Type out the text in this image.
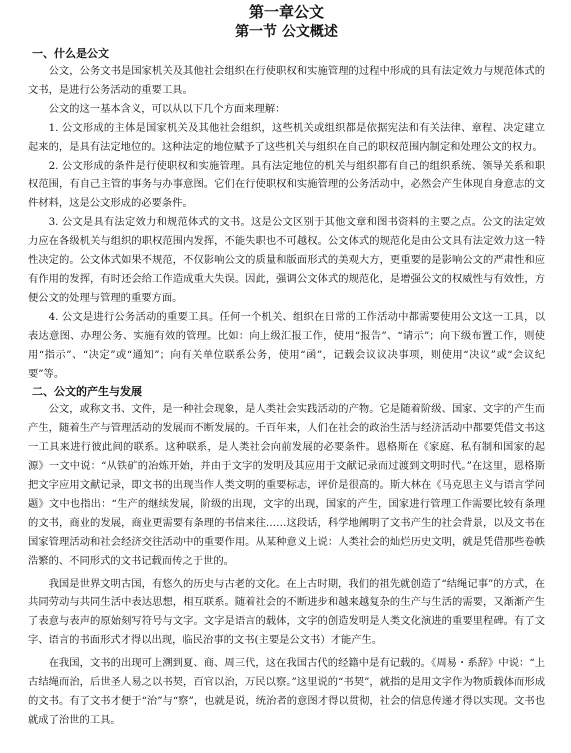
第一章公文
第一节 公文概述
一、什么是公文

公文，公务文书是国家机关及其他社会组织在行使职权和实施管理的过程中形成的具有法定效力与规范体式的文书，是进行公务活动的重要工具。

公文的这一基本含义，可以从以下几个方面来理解：

1. 公文形成的主体是国家机关及其他社会组织，这些机关或组织都是依据宪法和有关法律、章程、决定建立起来的，是具有法定地位的。这种法定的地位赋予了这些机关与组织在自己的职权范围内制定和处理公文的权力。

2. 公文形成的条件是行使职权和实施管理。具有法定地位的机关与组织都有自己的组织系统、领导关系和职权范围，有自己主管的事务与办事意图。它们在行使职权和实施管理的公务活动中，必然会产生体现自身意志的文件材料，这是公文形成的必要条件。

3. 公文是具有法定效力和规范体式的文书。这是公文区别于其他文章和图书资料的主要之点。公文的法定效力应在各级机关与组织的职权范围内发挥，不能失职也不可越权。公文体式的规范化是由公文具有法定效力这一特性决定的。公文体式如果不规范，不仅影响公文的质量和版面形式的美观大方，更重要的是影响公文的严肃性和应有作用的发挥，有时还会给工作造成重大失误。因此，强调公文体式的规范化，是增强公文的权威性与有效性，方便公文的处理与管理的重要方面。

4. 公文是进行公务活动的重要工具。任何一个机关、组织在日常的工作活动中都需要使用公文这一工具，以表达意图、办理公务、实施有效的管理。比如：向上级汇报工作，使用“报告”、“请示”；向下级布置工作，则使用“指示”、“决定”或“通知”；向有关单位联系公务，使用“函”，记载会议议决事项，则使用“决议”或“会议纪要”等。

二、公文的产生与发展

公文，或称文书、文件，是一种社会现象，是人类社会实践活动的产物。它是随着阶级、国家、文字的产生而产生，随着生产与管理活动的发展而不断发展的。千百年来，人们在社会的政治生活与经济活动中都要凭借文书这一工具来进行彼此间的联系。这种联系，是人类社会向前发展的必要条件。恩格斯在《家庭、私有制和国家的起源》一文中说：“从铁矿的冶炼开始，并由于文字的发明及其应用于文献记录而过渡到文明时代。”在这里，恩格斯把文字应用文献记录，即文书的出现当作人类文明的重要标志，评价是很高的。斯大林在《马克思主义与语言学问题》文中也指出：“生产的继续发展，阶级的出现，文字的出现，国家的产生，国家进行管理工作需要比较有条理的文书，商业的发展，商业更需要有条理的书信来往……这段话，科学地阐明了文书产生的社会背景，以及文书在国家管理活动和社会经济交往活动中的重要作用。从某种意义上说：人类社会的灿烂历史文明，就是凭借那些卷帙浩繁的、不同形式的文书记载而传之于世的。

我国是世界文明古国，有悠久的历史与古老的文化。在上古时期，我们的祖先就创造了“结绳记事”的方式，在共同劳动与共同生活中表达思想，相互联系。随着社会的不断进步和越来越复杂的生产与生活的需要，又渐渐产生了表意与表声的原始刻写符号与文字。文字是语言的载体，文字的创造发明是人类文化演进的重要里程碑。有了文字、语言的书面形式才得以出现，临民治事的文书(主要是公文书）才能产生。

在我国，文书的出现可上溯到夏、商、周三代，这在我国古代的经籍中是有记载的。《周易・系辞》中说：“上古结绳而治，后世圣人易之以书契，百官以治，万民以察。”这里说的“书契”，就指的是用文字作为物质载体而形成的文书。有了文书才便于“治”与“察”，也就是说，统治者的意图才得以贯彻，社会的信息传递才得以实现。文书也就成了治世的工具。
